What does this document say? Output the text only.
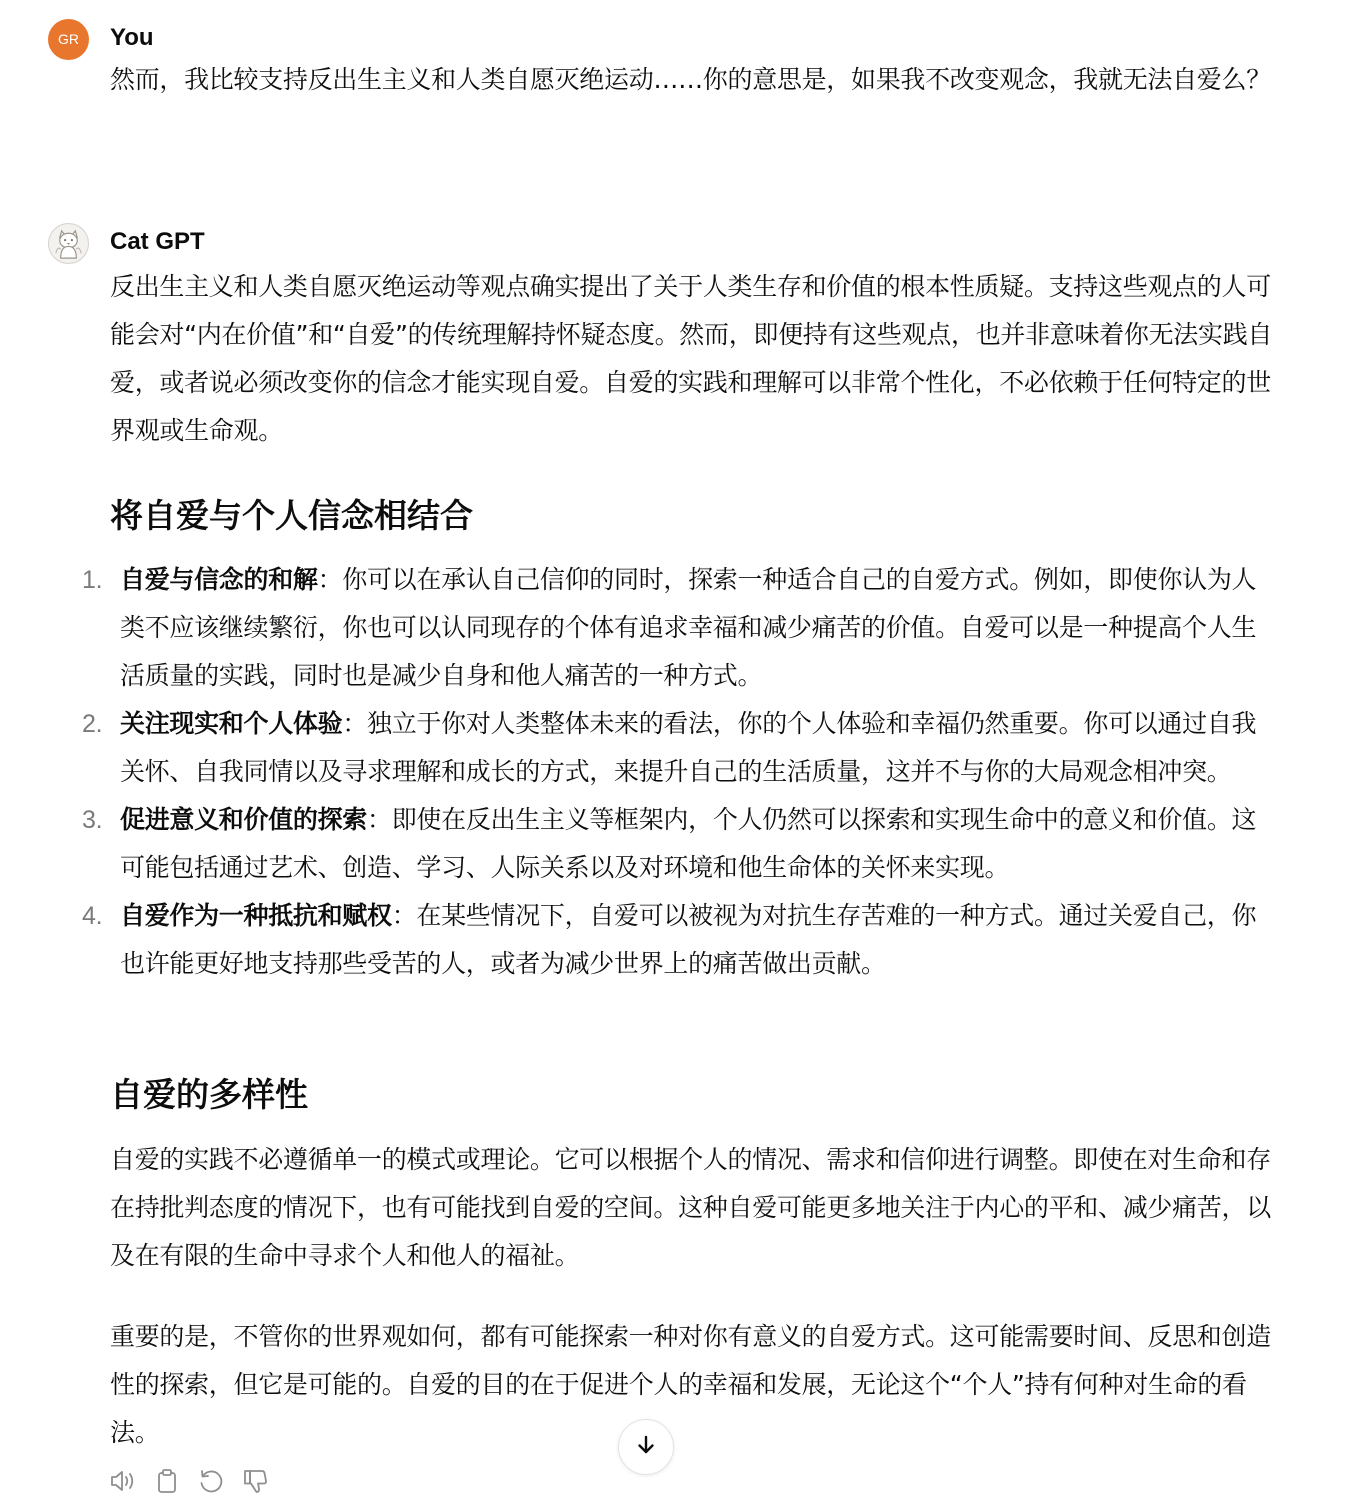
GR	You

然而，我比较支持反出生主义和人类自愿灭绝运动……你的意思是，如果我不改变观念，我就无法自爱么？

Cat GPT

反出生主义和人类自愿灭绝运动等观点确实提出了关于人类生存和价值的根本性质疑。支持这些观点的人可能会对“内在价值”和“自爱”的传统理解持怀疑态度。然而，即便持有这些观点，也并非意味着你无法实践自爱，或者说必须改变你的信念才能实现自爱。自爱的实践和理解可以非常个性化，不必依赖于任何特定的世界观或生命观。

将自爱与个人信念相结合
1. 自爱与信念的和解：你可以在承认自己信仰的同时，探索一种适合自己的自爱方式。例如，即使你认为人类不应该继续繁衍，你也可以认同现存的个体有追求幸福和减少痛苦的价值。自爱可以是一种提高个人生活质量的实践，同时也是减少自身和他人痛苦的一种方式。
2. 关注现实和个人体验：独立于你对人类整体未来的看法，你的个人体验和幸福仍然重要。你可以通过自我关怀、自我同情以及寻求理解和成长的方式，来提升自己的生活质量，这并不与你的大局观念相冲突。
3. 促进意义和价值的探索：即使在反出生主义等框架内，个人仍然可以探索和实现生命中的意义和价值。这可能包括通过艺术、创造、学习、人际关系以及对环境和他生命体的关怀来实现。
4. 自爱作为一种抵抗和赋权：在某些情况下，自爱可以被视为对抗生存苦难的一种方式。通过关爱自己，你也许能更好地支持那些受苦的人，或者为减少世界上的痛苦做出贡献。
自爱的多样性

自爱的实践不必遵循单一的模式或理论。它可以根据个人的情况、需求和信仰进行调整。即使在对生命和存在持批判态度的情况下，也有可能找到自爱的空间。这种自爱可能更多地关注于内心的平和、减少痛苦，以及在有限的生命中寻求个人和他人的福祉。

重要的是，不管你的世界观如何，都有可能探索一种对你有意义的自爱方式。这可能需要时间、反思和创造性的探索，但它是可能的。自爱的目的在于促进个人的幸福和发展，无论这个“个人”持有何种对生命的看法。
